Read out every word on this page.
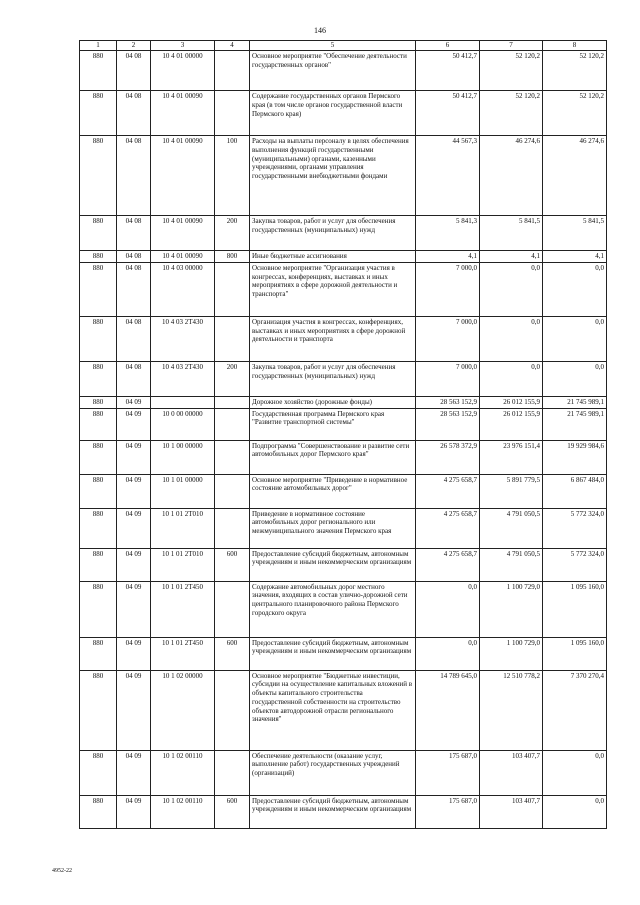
146
1	2	3	4	5	6	7	8
880	04 08	10 4 01 00000		Основное мероприятие "Обеспечение деятельности государственных органов"	50 412,7	52 120,2	52 120,2
880	04 08	10 4 01 00090		Содержание государственных органов Пермского края (в том числе органов государственной власти Пермского края)	50 412,7	52 120,2	52 120,2
880	04 08	10 4 01 00090	100	Расходы на выплаты персоналу в целях обеспечения выполнения функций государственными (муниципальными) органами, казенными учреждениями, органами управления государственными внебюджетными фондами	44 567,3	46 274,6	46 274,6
880	04 08	10 4 01 00090	200	Закупка товаров, работ и услуг для обеспечения государственных (муниципальных) нужд	5 841,3	5 841,5	5 841,5
880	04 08	10 4 01 00090	800	Иные бюджетные ассигнования	4,1	4,1	4,1
880	04 08	10 4 03 00000		Основное мероприятие "Организация участия в конгрессах, конференциях, выставках и иных мероприятиях в сфере дорожной деятельности и транспорта"	7 000,0	0,0	0,0
880	04 08	10 4 03 2Т430		Организация участия в конгрессах, конференциях, выставках и иных мероприятиях в сфере дорожной деятельности и транспорта	7 000,0	0,0	0,0
880	04 08	10 4 03 2Т430	200	Закупка товаров, работ и услуг для обеспечения государственных (муниципальных) нужд	7 000,0	0,0	0,0
880	04 09			Дорожное хозяйство (дорожные фонды)	28 563 152,9	26 012 155,9	21 745 989,1
880	04 09	10 0 00 00000		Государственная программа Пермского края "Развитие транспортной системы"	28 563 152,9	26 012 155,9	21 745 989,1
880	04 09	10 1 00 00000		Подпрограмма "Совершенствование и развитие сети автомобильных дорог Пермского края"	26 578 372,9	23 976 151,4	19 929 984,6
880	04 09	10 1 01 00000		Основное мероприятие "Приведение в нормативное состояние автомобильных дорог"	4 275 658,7	5 891 779,5	6 867 484,0
880	04 09	10 1 01 2Т010		Приведение в нормативное состояние автомобильных дорог регионального или межмуниципального значения Пермского края	4 275 658,7	4 791 050,5	5 772 324,0
880	04 09	10 1 01 2Т010	600	Предоставление субсидий бюджетным, автономным учреждениям и иным некоммерческим организациям	4 275 658,7	4 791 050,5	5 772 324,0
880	04 09	10 1 01 2Т450		Содержание автомобильных дорог местного значения, входящих в состав улично-дорожной сети центрального планировочного района Пермского городского округа	0,0	1 100 729,0	1 095 160,0
880	04 09	10 1 01 2Т450	600	Предоставление субсидий бюджетным, автономным учреждениям и иным некоммерческим организациям	0,0	1 100 729,0	1 095 160,0
880	04 09	10 1 02 00000		Основное мероприятие "Бюджетные инвестиции, субсидии на осуществление капитальных вложений в объекты капитального строительства государственной собственности на строительство объектов автодорожной отрасли регионального значения"	14 789 645,0	12 510 778,2	7 370 270,4
880	04 09	10 1 02 00110		Обеспечение деятельности (оказание услуг, выполнение работ) государственных учреждений (организаций)	175 687,0	103 407,7	0,0
880	04 09	10 1 02 00110	600	Предоставление субсидий бюджетным, автономным учреждениям и иным некоммерческим организациям	175 687,0	103 407,7	0,0
4952-22
